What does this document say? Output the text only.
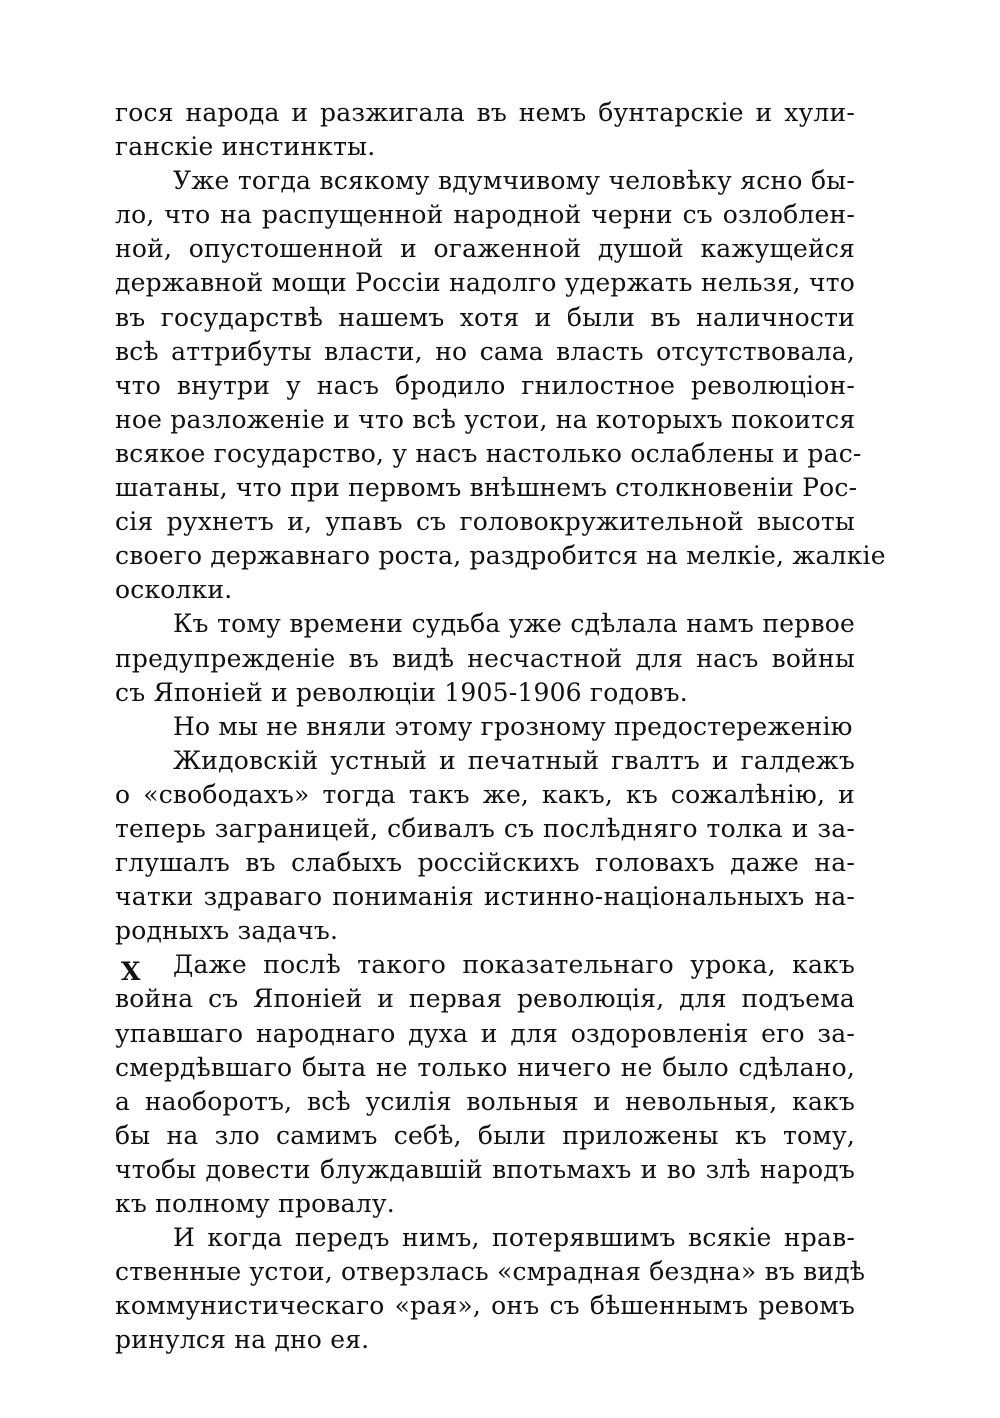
гося народа и разжигала въ немъ бунтарскiе и хули-
ганскiе инстинкты.
Уже тогда всякому вдумчивому человѣку ясно бы-
ло, что на распущенной народной черни съ озлоблен-
ной, опустошенной и огаженной душой кажущейся
державной мощи Россiи надолго удержать нельзя, что
въ государствѣ нашемъ хотя и были въ наличности
всѣ аттрибуты власти, но сама власть отсутствовала,
что внутри у насъ бродило гнилостное революцiон-
ное разложенiе и что всѣ устои, на которыхъ покоится
всякое государство, у насъ настолько ослаблены и рас-
шатаны, что при первомъ внѣшнемъ столкновенiи Рос-
сiя рухнетъ и, упавъ съ головокружительной высоты
своего державнаго роста, раздробится на мелкiе, жалкiе
осколки.
Къ тому времени судьба уже сдѣлала намъ первое
предупрежденiе въ видѣ несчастной для насъ войны
съ Японiей и революцiи 1905-1906 годовъ.
Но мы не вняли этому грозному предостереженiю
Жидовскiй устный и печатный гвалтъ и галдежъ
о «свободахъ» тогда такъ же, какъ, къ сожалѣнiю, и
теперь заграницей, сбивалъ съ послѣдняго толка и за-
глушалъ въ слабыхъ россiйскихъ головахъ даже на-
чатки здраваго пониманiя истинно-нацiональныхъ на-
родныхъ задачъ.
Даже послѣ такого показательнаго урока, какъ
война съ Японiей и первая революцiя, для подъема
упавшаго народнаго духа и для оздоровленiя его за-
смердѣвшаго быта не только ничего не было сдѣлано,
а наоборотъ, всѣ усилiя вольныя и невольныя, какъ
бы на зло самимъ себѣ, были приложены къ тому,
чтобы довести блуждавшiй впотьмахъ и во злѣ народъ
къ полному провалу.
И когда передъ нимъ, потерявшимъ всякiе нрав-
ственные устои, отверзлась «смрадная бездна» въ видѣ
коммунистическаго «рая», онъ съ бѣшеннымъ ревомъ
ринулся на дно ея.
X
